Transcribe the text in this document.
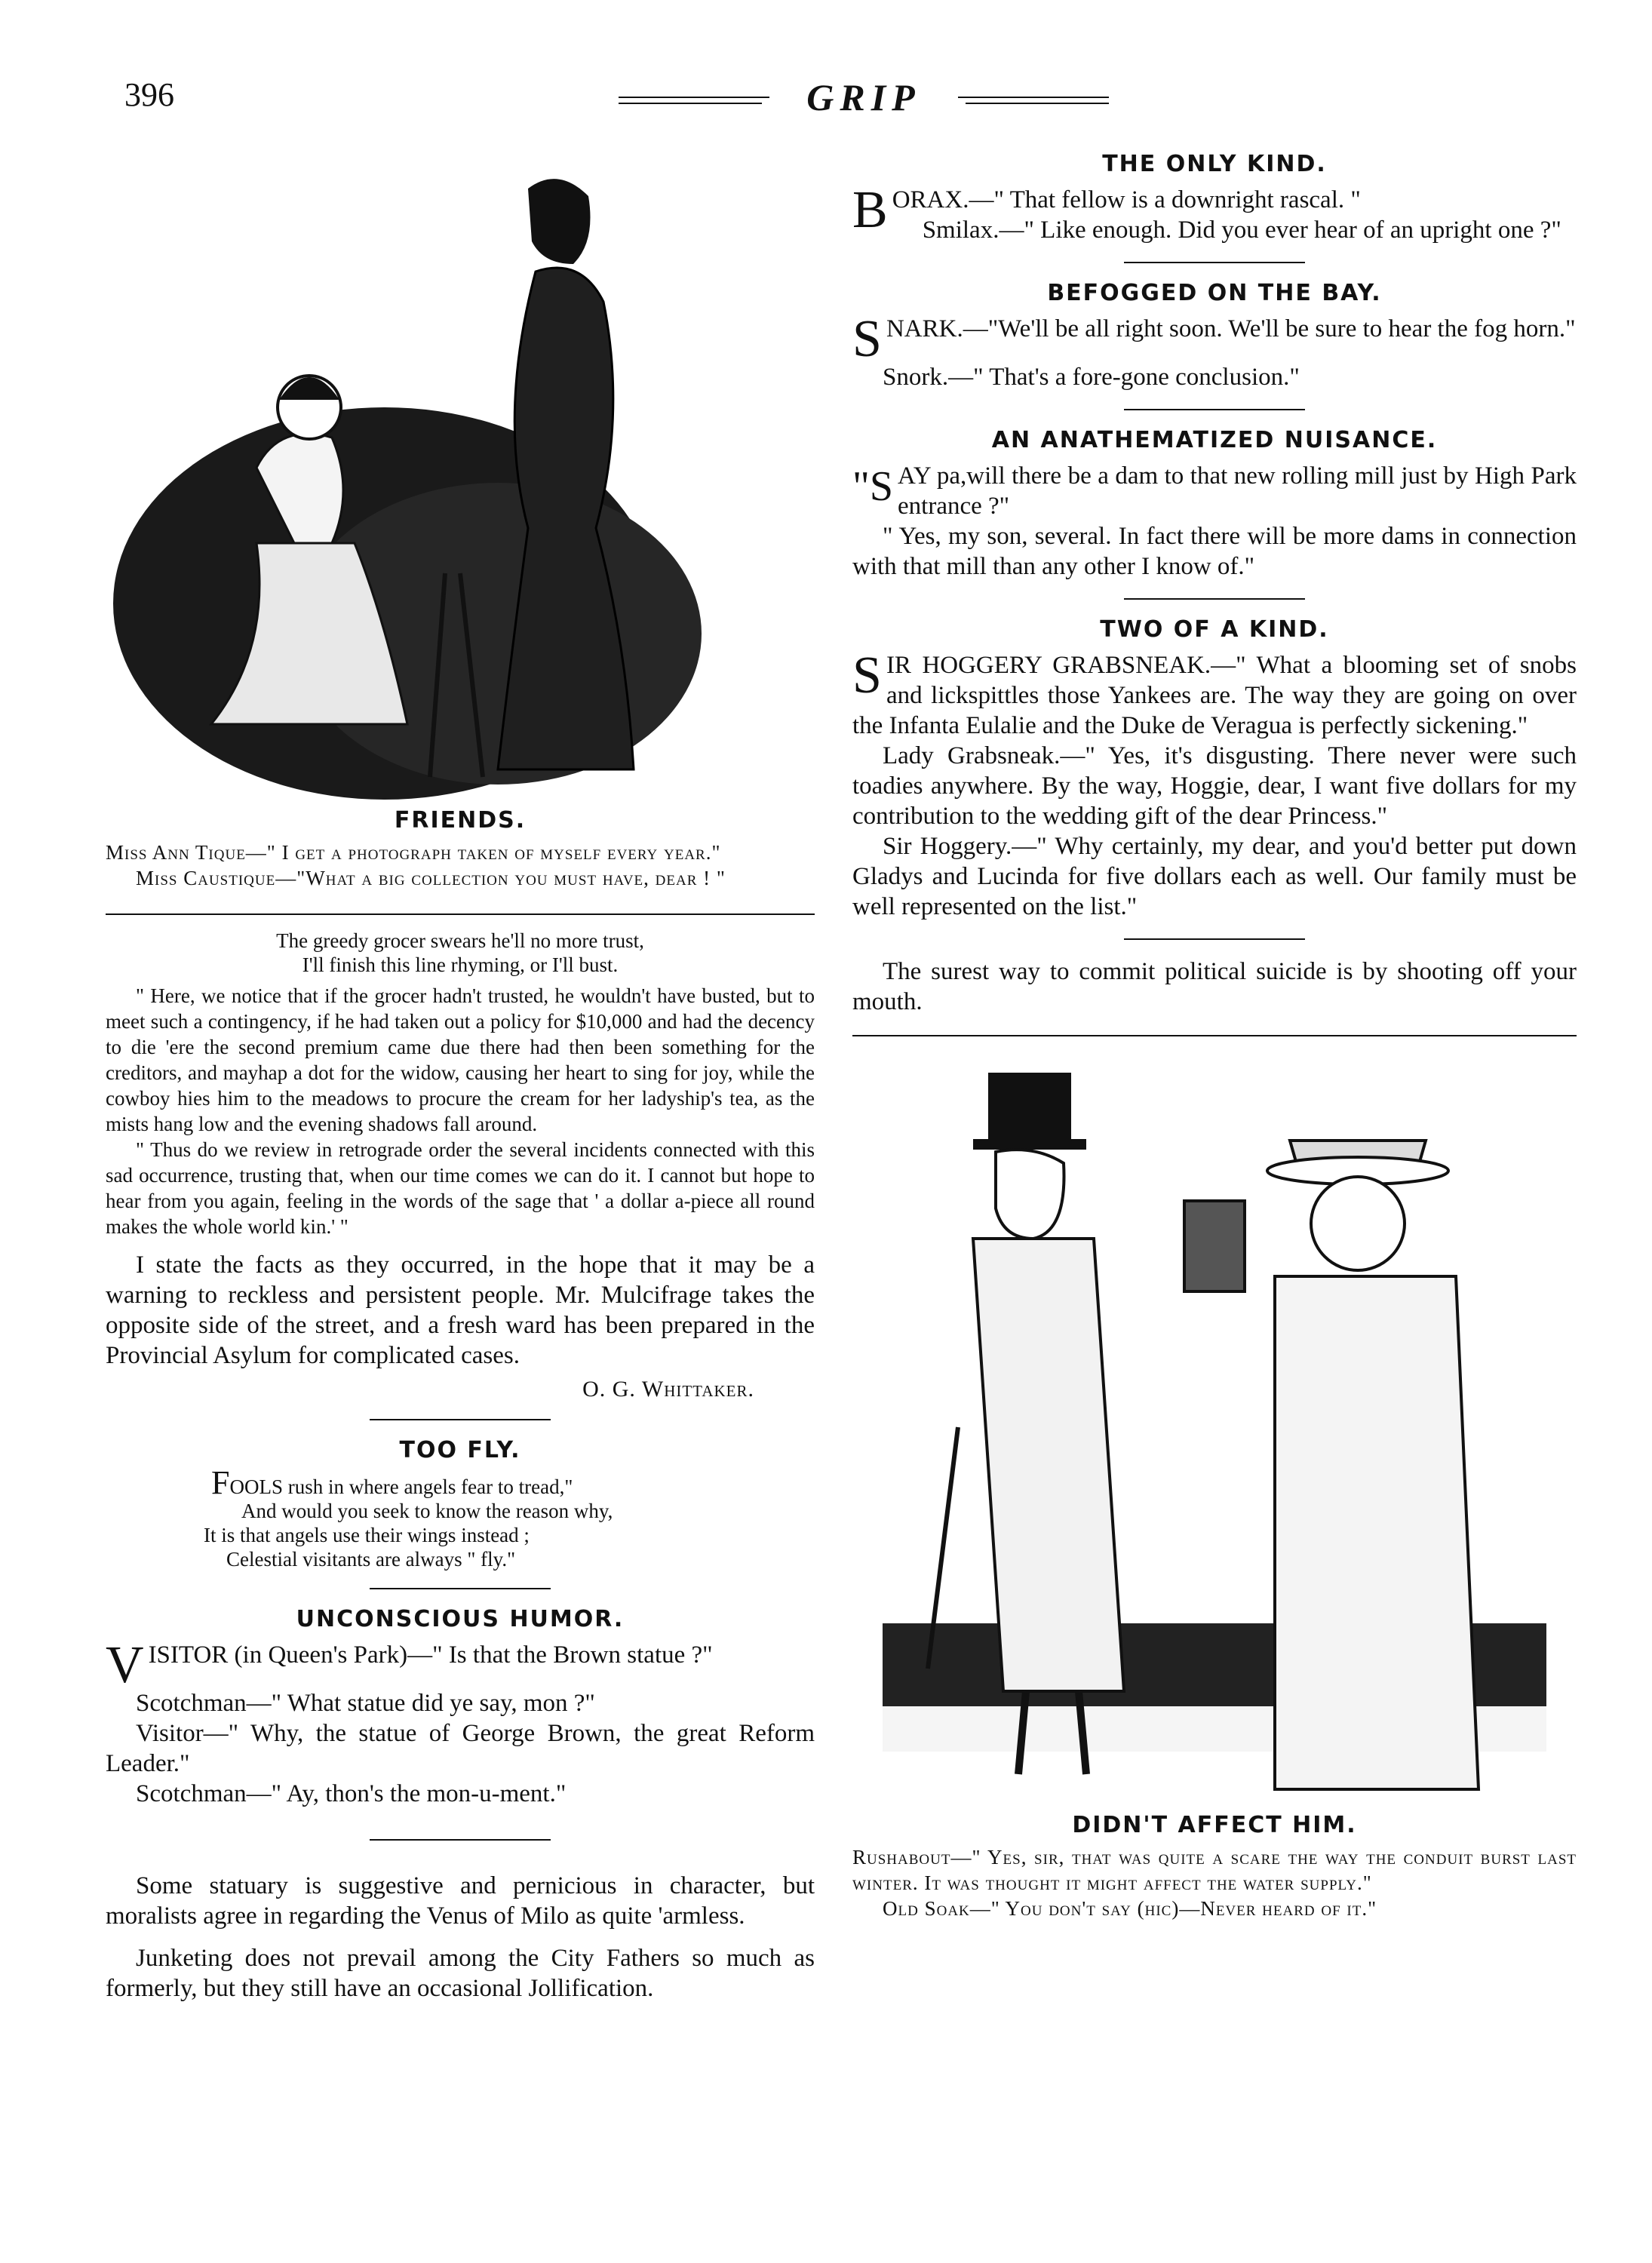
396	GRIP
FRIENDS.

Miss Ann Tique—" I get a photograph taken of myself every year."

Miss Caustique—"What a big collection you must have, dear ! "

The greedy grocer swears he'll no more trust,
I'll finish this line rhyming, or I'll bust.

" Here, we notice that if the grocer hadn't trusted, he wouldn't have busted, but to meet such a contingency, if he had taken out a policy for $10,000 and had the decency to die 'ere the second premium came due there had then been something for the creditors, and mayhap a dot for the widow, causing her heart to sing for joy, while the cowboy hies him to the meadows to procure the cream for her ladyship's tea, as the mists hang low and the evening shadows fall around.

" Thus do we review in retrograde order the several incidents connected with this sad occurrence, trusting that, when our time comes we can do it. I cannot but hope to hear from you again, feeling in the words of the sage that ' a dollar a-piece all round makes the whole world kin.' "

I state the facts as they occurred, in the hope that it may be a warning to reckless and persistent people. Mr. Mulcifrage takes the opposite side of the street, and a fresh ward has been prepared in the Provincial Asylum for complicated cases.

O. G. Whittaker.
TOO FLY.
FOOLS rush in where angels fear to tread,"
And would you seek to know the reason why,
It is that angels use their wings instead ;
Celestial visitants are always " fly."
UNCONSCIOUS HUMOR.

VISITOR (in Queen's Park)—" Is that the Brown statue ?"

Scotchman—" What statue did ye say, mon ?"

Visitor—" Why, the statue of George Brown, the great Reform Leader."

Scotchman—" Ay, thon's the mon-u-ment."

Some statuary is suggestive and pernicious in character, but moralists agree in regarding the Venus of Milo as quite 'armless.

Junketing does not prevail among the City Fathers so much as formerly, but they still have an occasional Jollification.

THE ONLY KIND.

BORAX.—" That fellow is a downright rascal. "

Smilax.—" Like enough. Did you ever hear of an upright one ?"

BEFOGGED ON THE BAY.

SNARK.—"We'll be all right soon. We'll be sure to hear the fog horn."

Snork.—" That's a fore-gone conclusion."

AN ANATHEMATIZED NUISANCE.

"SAY pa,will there be a dam to that new rolling mill just by High Park entrance ?"

" Yes, my son, several. In fact there will be more dams in connection with that mill than any other I know of."

TWO OF A KIND.

SIR HOGGERY GRABSNEAK.—" What a blooming set of snobs and lickspittles those Yankees are. The way they are going on over the Infanta Eulalie and the Duke de Veragua is perfectly sickening."

Lady Grabsneak.—" Yes, it's disgusting. There never were such toadies anywhere. By the way, Hoggie, dear, I want five dollars for my contribution to the wedding gift of the dear Princess."

Sir Hoggery.—" Why certainly, my dear, and you'd better put down Gladys and Lucinda for five dollars each as well. Our family must be well represented on the list."

The surest way to commit political suicide is by shooting off your mouth.

DIDN'T AFFECT HIM.

Rushabout—" Yes, sir, that was quite a scare the way the conduit burst last winter. It was thought it might affect the water supply."

Old Soak—" You don't say (hic)—Never heard of it."
